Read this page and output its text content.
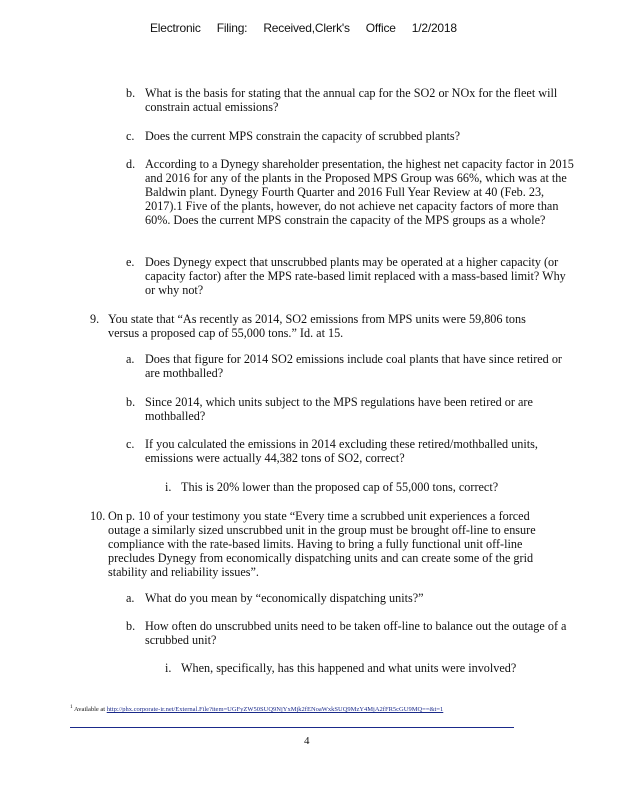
Electronic Filing: Received,Clerk's Office 1/2/2018
b. What is the basis for stating that the annual cap for the SO2 or NOx for the fleet will constrain actual emissions?
c. Does the current MPS constrain the capacity of scrubbed plants?
d. According to a Dynegy shareholder presentation, the highest net capacity factor in 2015 and 2016 for any of the plants in the Proposed MPS Group was 66%, which was at the Baldwin plant. Dynegy Fourth Quarter and 2016 Full Year Review at 40 (Feb. 23, 2017).1 Five of the plants, however, do not achieve net capacity factors of more than 60%. Does the current MPS constrain the capacity of the MPS groups as a whole?
e. Does Dynegy expect that unscrubbed plants may be operated at a higher capacity (or capacity factor) after the MPS rate-based limit replaced with a mass-based limit? Why or why not?
9. You state that “As recently as 2014, SO2 emissions from MPS units were 59,806 tons versus a proposed cap of 55,000 tons.” Id. at 15.
a. Does that figure for 2014 SO2 emissions include coal plants that have since retired or are mothballed?
b. Since 2014, which units subject to the MPS regulations have been retired or are mothballed?
c. If you calculated the emissions in 2014 excluding these retired/mothballed units, emissions were actually 44,382 tons of SO2, correct?
i. This is 20% lower than the proposed cap of 55,000 tons, correct?
10. On p. 10 of your testimony you state “Every time a scrubbed unit experiences a forced outage a similarly sized unscrubbed unit in the group must be brought off-line to ensure compliance with the rate-based limits. Having to bring a fully functional unit off-line precludes Dynegy from economically dispatching units and can create some of the grid stability and reliability issues”.
a. What do you mean by “economically dispatching units?”
b. How often do unscrubbed units need to be taken off-line to balance out the outage of a scrubbed unit?
i. When, specifically, has this happened and what units were involved?
$^1$ Available at http://phx.corporate-ir.net/External.File?item=UGFyZW50SUQ9NjYxMjk2fENoaWxkSUQ9MzY4MjA2fFR5cGU9MQ==&t=1
4
